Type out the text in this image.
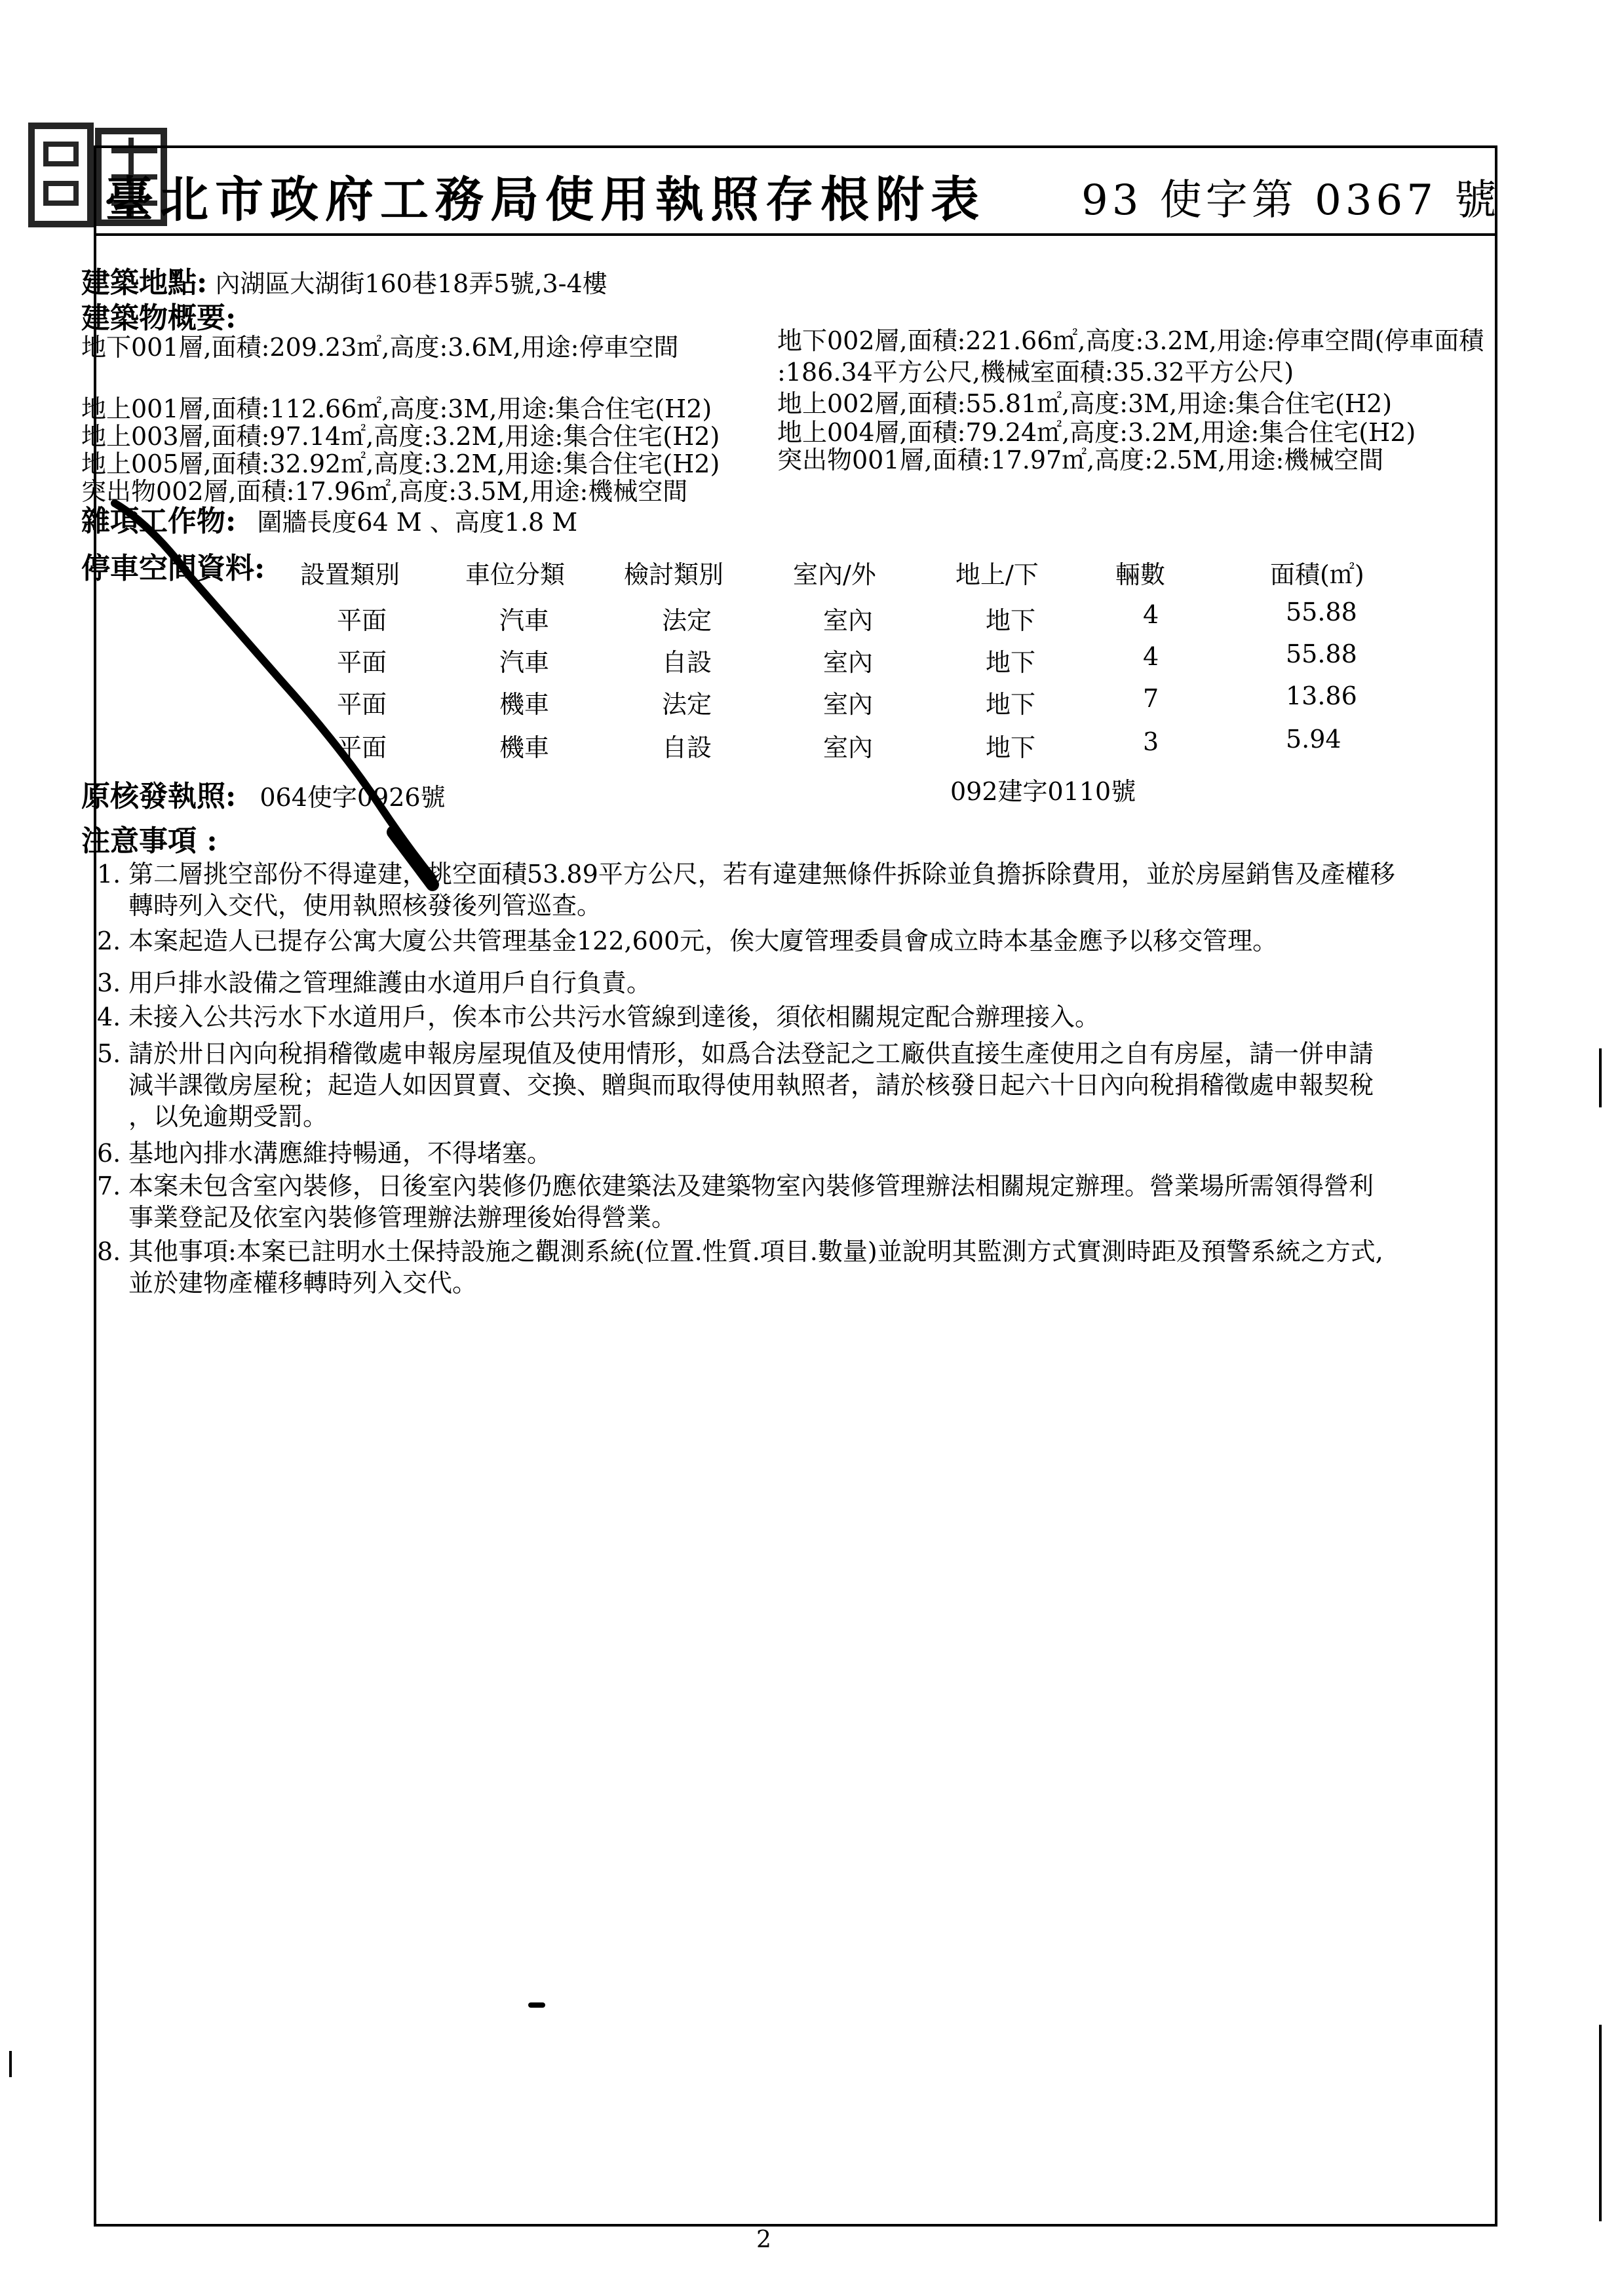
臺北市政府工務局使用執照存根附表 93 使字第 0367 號
建築地點: 內湖區大湖街160巷18弄5號,3-4樓
建築物概要:
地下001層,面積:209.23㎡,高度:3.6M,用途:停車空間	地下002層,面積:221.66㎡,高度:3.2M,用途:停車空間(停車面積
:186.34平方公尺,機械室面積:35.32平方公尺)
地上001層,面積:112.66㎡,高度:3M,用途:集合住宅(H2)	地上002層,面積:55.81㎡,高度:3M,用途:集合住宅(H2)
地上003層,面積:97.14㎡,高度:3.2M,用途:集合住宅(H2) 地上004層,面積:79.24㎡,高度:3.2M,用途:集合住宅(H2)
地上005層,面積:32.92㎡,高度:3.2M,用途:集合住宅(H2) 突出物001層,面積:17.97㎡,高度:2.5M,用途:機械空間
突出物002層,面積:17.96㎡,高度:3.5M,用途:機械空間
雜項工作物: 圍牆長度64 M 、高度1.8 M
停車空間資料: 設置類別	車位分類 檢討類別	室內/外	地上/下	輛數	面積(㎡)
平面	汽車	法定	室內	地下	4	55.88
平面	汽車	自設	室內	地下	4	55.88
平面	機車	法定	室內	地下	7	13.86
平面	機車	自設	室內	地下	3	5.94
原核發執照: 064使字0926號	092建字0110號
注意事項 :
1. 第二層挑空部份不得違建，挑空面積53.89平方公尺，若有違建無條件拆除並負擔拆除費用，並於房屋銷售及產權移
轉時列入交代，使用執照核發後列管巡查。
2. 本案起造人已提存公寓大廈公共管理基金122,600元，俟大廈管理委員會成立時本基金應予以移交管理。
3. 用戶排水設備之管理維護由水道用戶自行負責。
4. 未接入公共污水下水道用戶，俟本市公共污水管線到達後，須依相關規定配合辦理接入。
5. 請於卅日內向稅捐稽徵處申報房屋現值及使用情形，如爲合法登記之工廠供直接生產使用之自有房屋，請一併申請
減半課徵房屋稅；起造人如因買賣、交換、贈與而取得使用執照者，請於核發日起六十日內向稅捐稽徵處申報契稅
，以免逾期受罰。
6. 基地內排水溝應維持暢通，不得堵塞。
7. 本案未包含室內裝修，日後室內裝修仍應依建築法及建築物室內裝修管理辦法相關規定辦理。營業場所需領得營利
事業登記及依室內裝修管理辦法辦理後始得營業。
8. 其他事項:本案已註明水土保持設施之觀測系統(位置.性質.項目.數量)並說明其監測方式實測時距及預警系統之方式,
並於建物產權移轉時列入交代。
2
